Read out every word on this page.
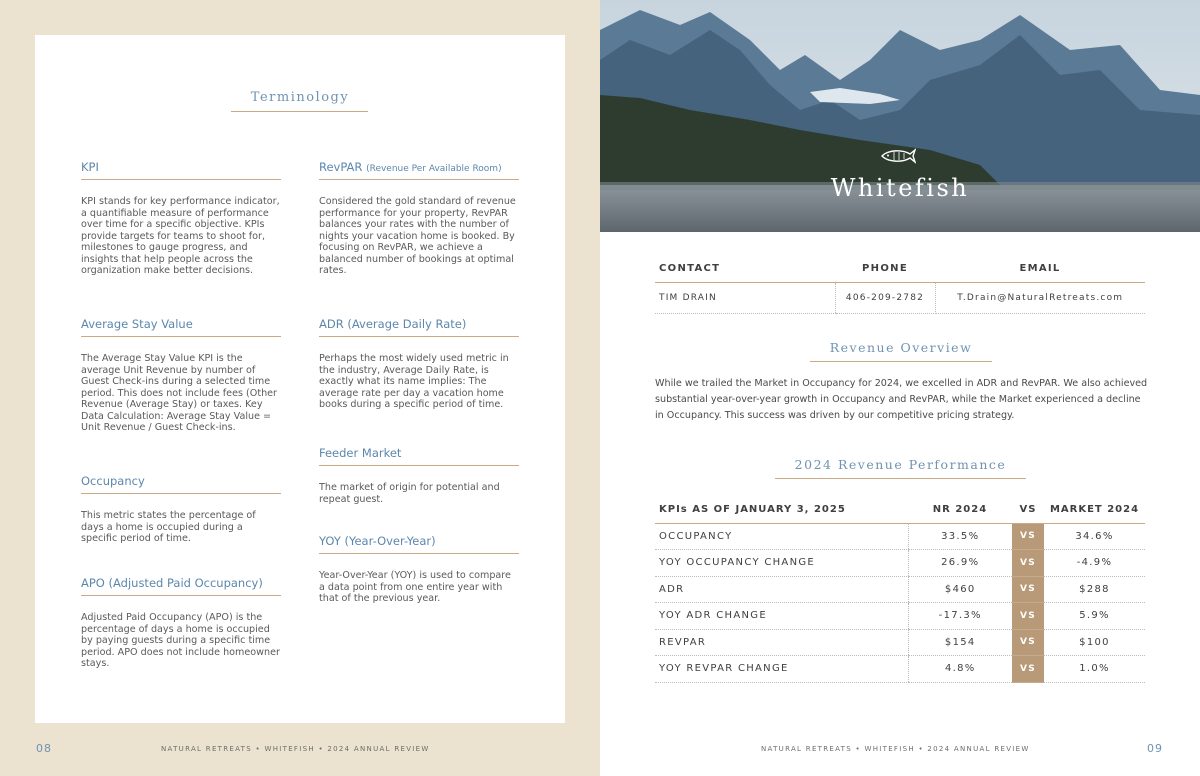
Terminology
KPI

KPI stands for key performance indicator, a quantifiable measure of performance over time for a specific objective. KPIs provide targets for teams to shoot for, milestones to gauge progress, and insights that help people across the organization make better decisions.

Average Stay Value

The Average Stay Value KPI is the average Unit Revenue by number of Guest Check-ins during a selected time period. This does not include fees (Other Revenue (Average Stay) or taxes. Key Data Calculation: Average Stay Value = Unit Revenue / Guest Check-ins.

Occupancy

This metric states the percentage of days a home is occupied during a specific period of time.

APO (Adjusted Paid Occupancy)

Adjusted Paid Occupancy (APO) is the percentage of days a home is occupied by paying guests during a specific time period. APO does not include homeowner stays.

RevPAR (Revenue Per Available Room)

Considered the gold standard of revenue performance for your property, RevPAR balances your rates with the number of nights your vacation home is booked. By focusing on RevPAR, we achieve a balanced number of bookings at optimal rates.

ADR (Average Daily Rate)

Perhaps the most widely used metric in the industry, Average Daily Rate, is exactly what its name implies: The average rate per day a vacation home books during a specific period of time.

Feeder Market

The market of origin for potential and repeat guest.

YOY (Year-Over-Year)

Year-Over-Year (YOY) is used to compare a data point from one entire year with that of the previous year.

08	NATURAL RETREATS • WHITEFISH • 2024 ANNUAL REVIEW
Whitefish
CONTACT	PHONE	EMAIL
TIM DRAIN	406-209-2782	T.Drain@NaturalRetreats.com
Revenue Overview
While we trailed the Market in Occupancy for 2024, we excelled in ADR and RevPAR. We also achieved substantial year-over-year growth in Occupancy and RevPAR, while the Market experienced a decline in Occupancy. This success was driven by our competitive pricing strategy.
2024 Revenue Performance
KPIs AS OF JANUARY 3, 2025	NR 2024	VS	MARKET 2024
OCCUPANCY	33.5%	VS	34.6%
YOY OCCUPANCY CHANGE	26.9%	VS	-4.9%
ADR	$460	VS	$288
YOY ADR CHANGE	-17.3%	VS	5.9%
REVPAR	$154	VS	$100
YOY REVPAR CHANGE	4.8%	VS	1.0%
NATURAL RETREATS • WHITEFISH • 2024 ANNUAL REVIEW	09
